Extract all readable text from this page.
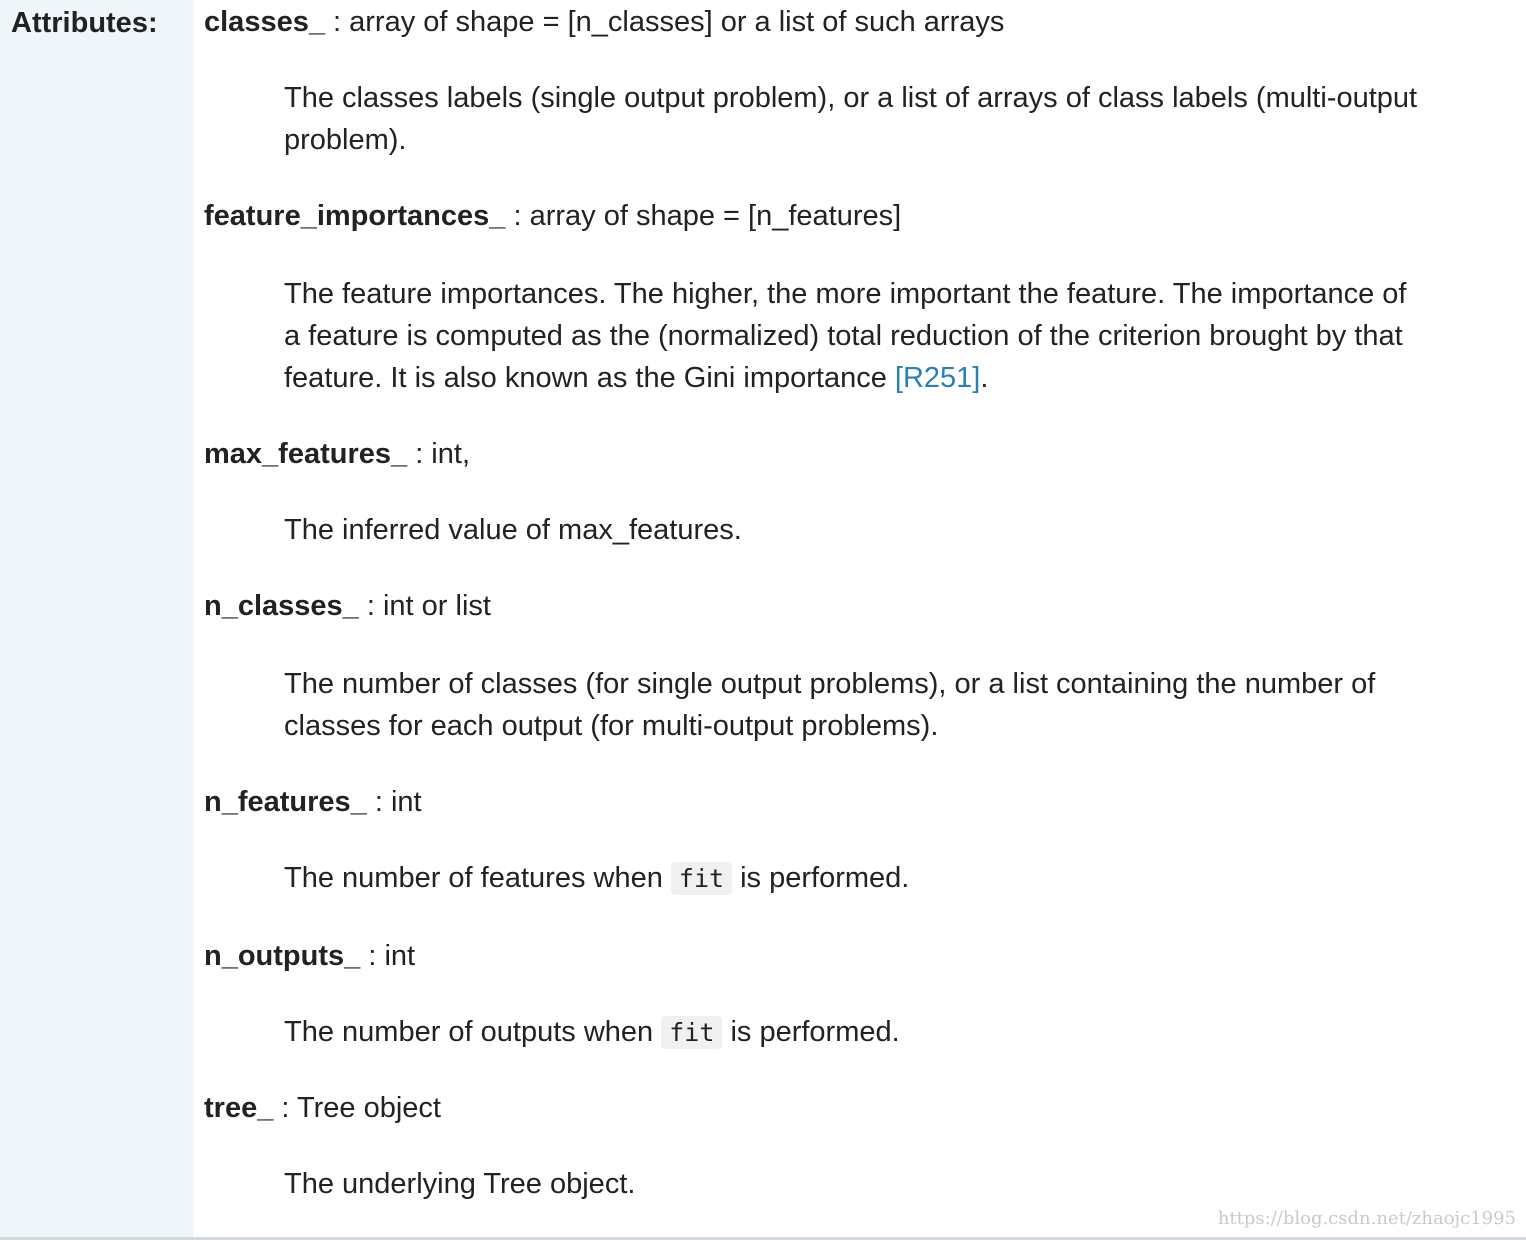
Attributes: classes_ : array of shape = [n_classes] or a list of such arrays
The classes labels (single output problem), or a list of arrays of class labels (multi-output problem).
feature_importances_ : array of shape = [n_features]
The feature importances. The higher, the more important the feature. The importance of a feature is computed as the (normalized) total reduction of the criterion brought by that feature. It is also known as the Gini importance [R251].
max_features_ : int,
The inferred value of max_features.
n_classes_ : int or list
The number of classes (for single output problems), or a list containing the number of classes for each output (for multi-output problems).
n_features_ : int
The number of features when fit is performed.
n_outputs_ : int
The number of outputs when fit is performed.
tree_ : Tree object
The underlying Tree object.
https://blog.csdn.net/zhaojc1995
